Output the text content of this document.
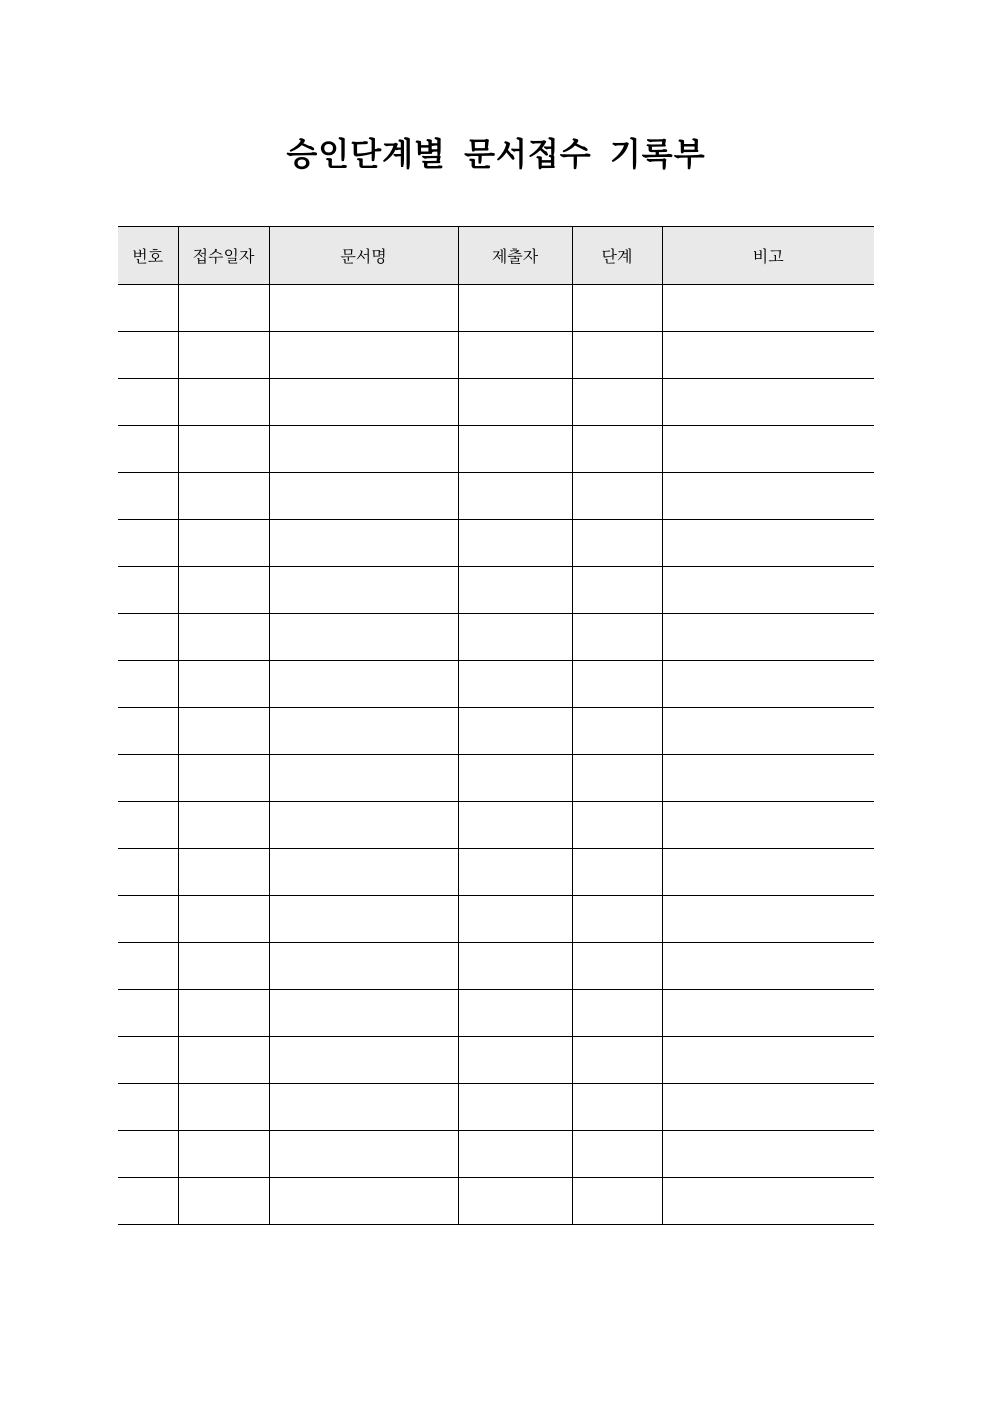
승인단계별 문서접수 기록부
번호	접수일자	문서명	제출자	단계	비고
